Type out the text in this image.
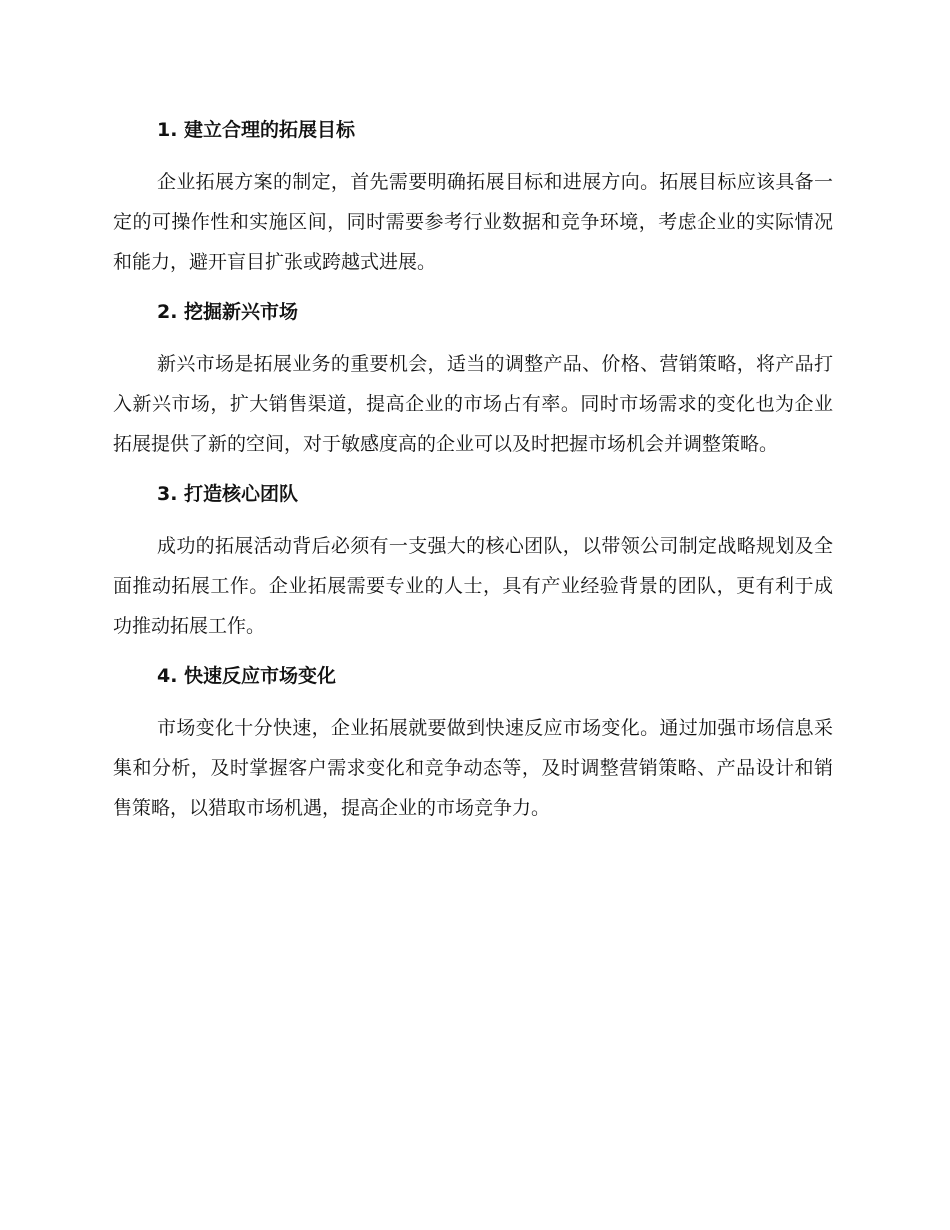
1. 建立合理的拓展目标

企业拓展方案的制定，首先需要明确拓展目标和进展方向。拓展目标应该具备一定的可操作性和实施区间，同时需要参考行业数据和竞争环境，考虑企业的实际情况和能力，避开盲目扩张或跨越式进展。

2. 挖掘新兴市场

新兴市场是拓展业务的重要机会，适当的调整产品、价格、营销策略，将产品打入新兴市场，扩大销售渠道，提高企业的市场占有率。同时市场需求的变化也为企业拓展提供了新的空间，对于敏感度高的企业可以及时把握市场机会并调整策略。

3. 打造核心团队

成功的拓展活动背后必须有一支强大的核心团队，以带领公司制定战略规划及全面推动拓展工作。企业拓展需要专业的人士，具有产业经验背景的团队，更有利于成功推动拓展工作。

4. 快速反应市场变化

市场变化十分快速，企业拓展就要做到快速反应市场变化。通过加强市场信息采集和分析，及时掌握客户需求变化和竞争动态等，及时调整营销策略、产品设计和销售策略，以猎取市场机遇，提高企业的市场竞争力。
